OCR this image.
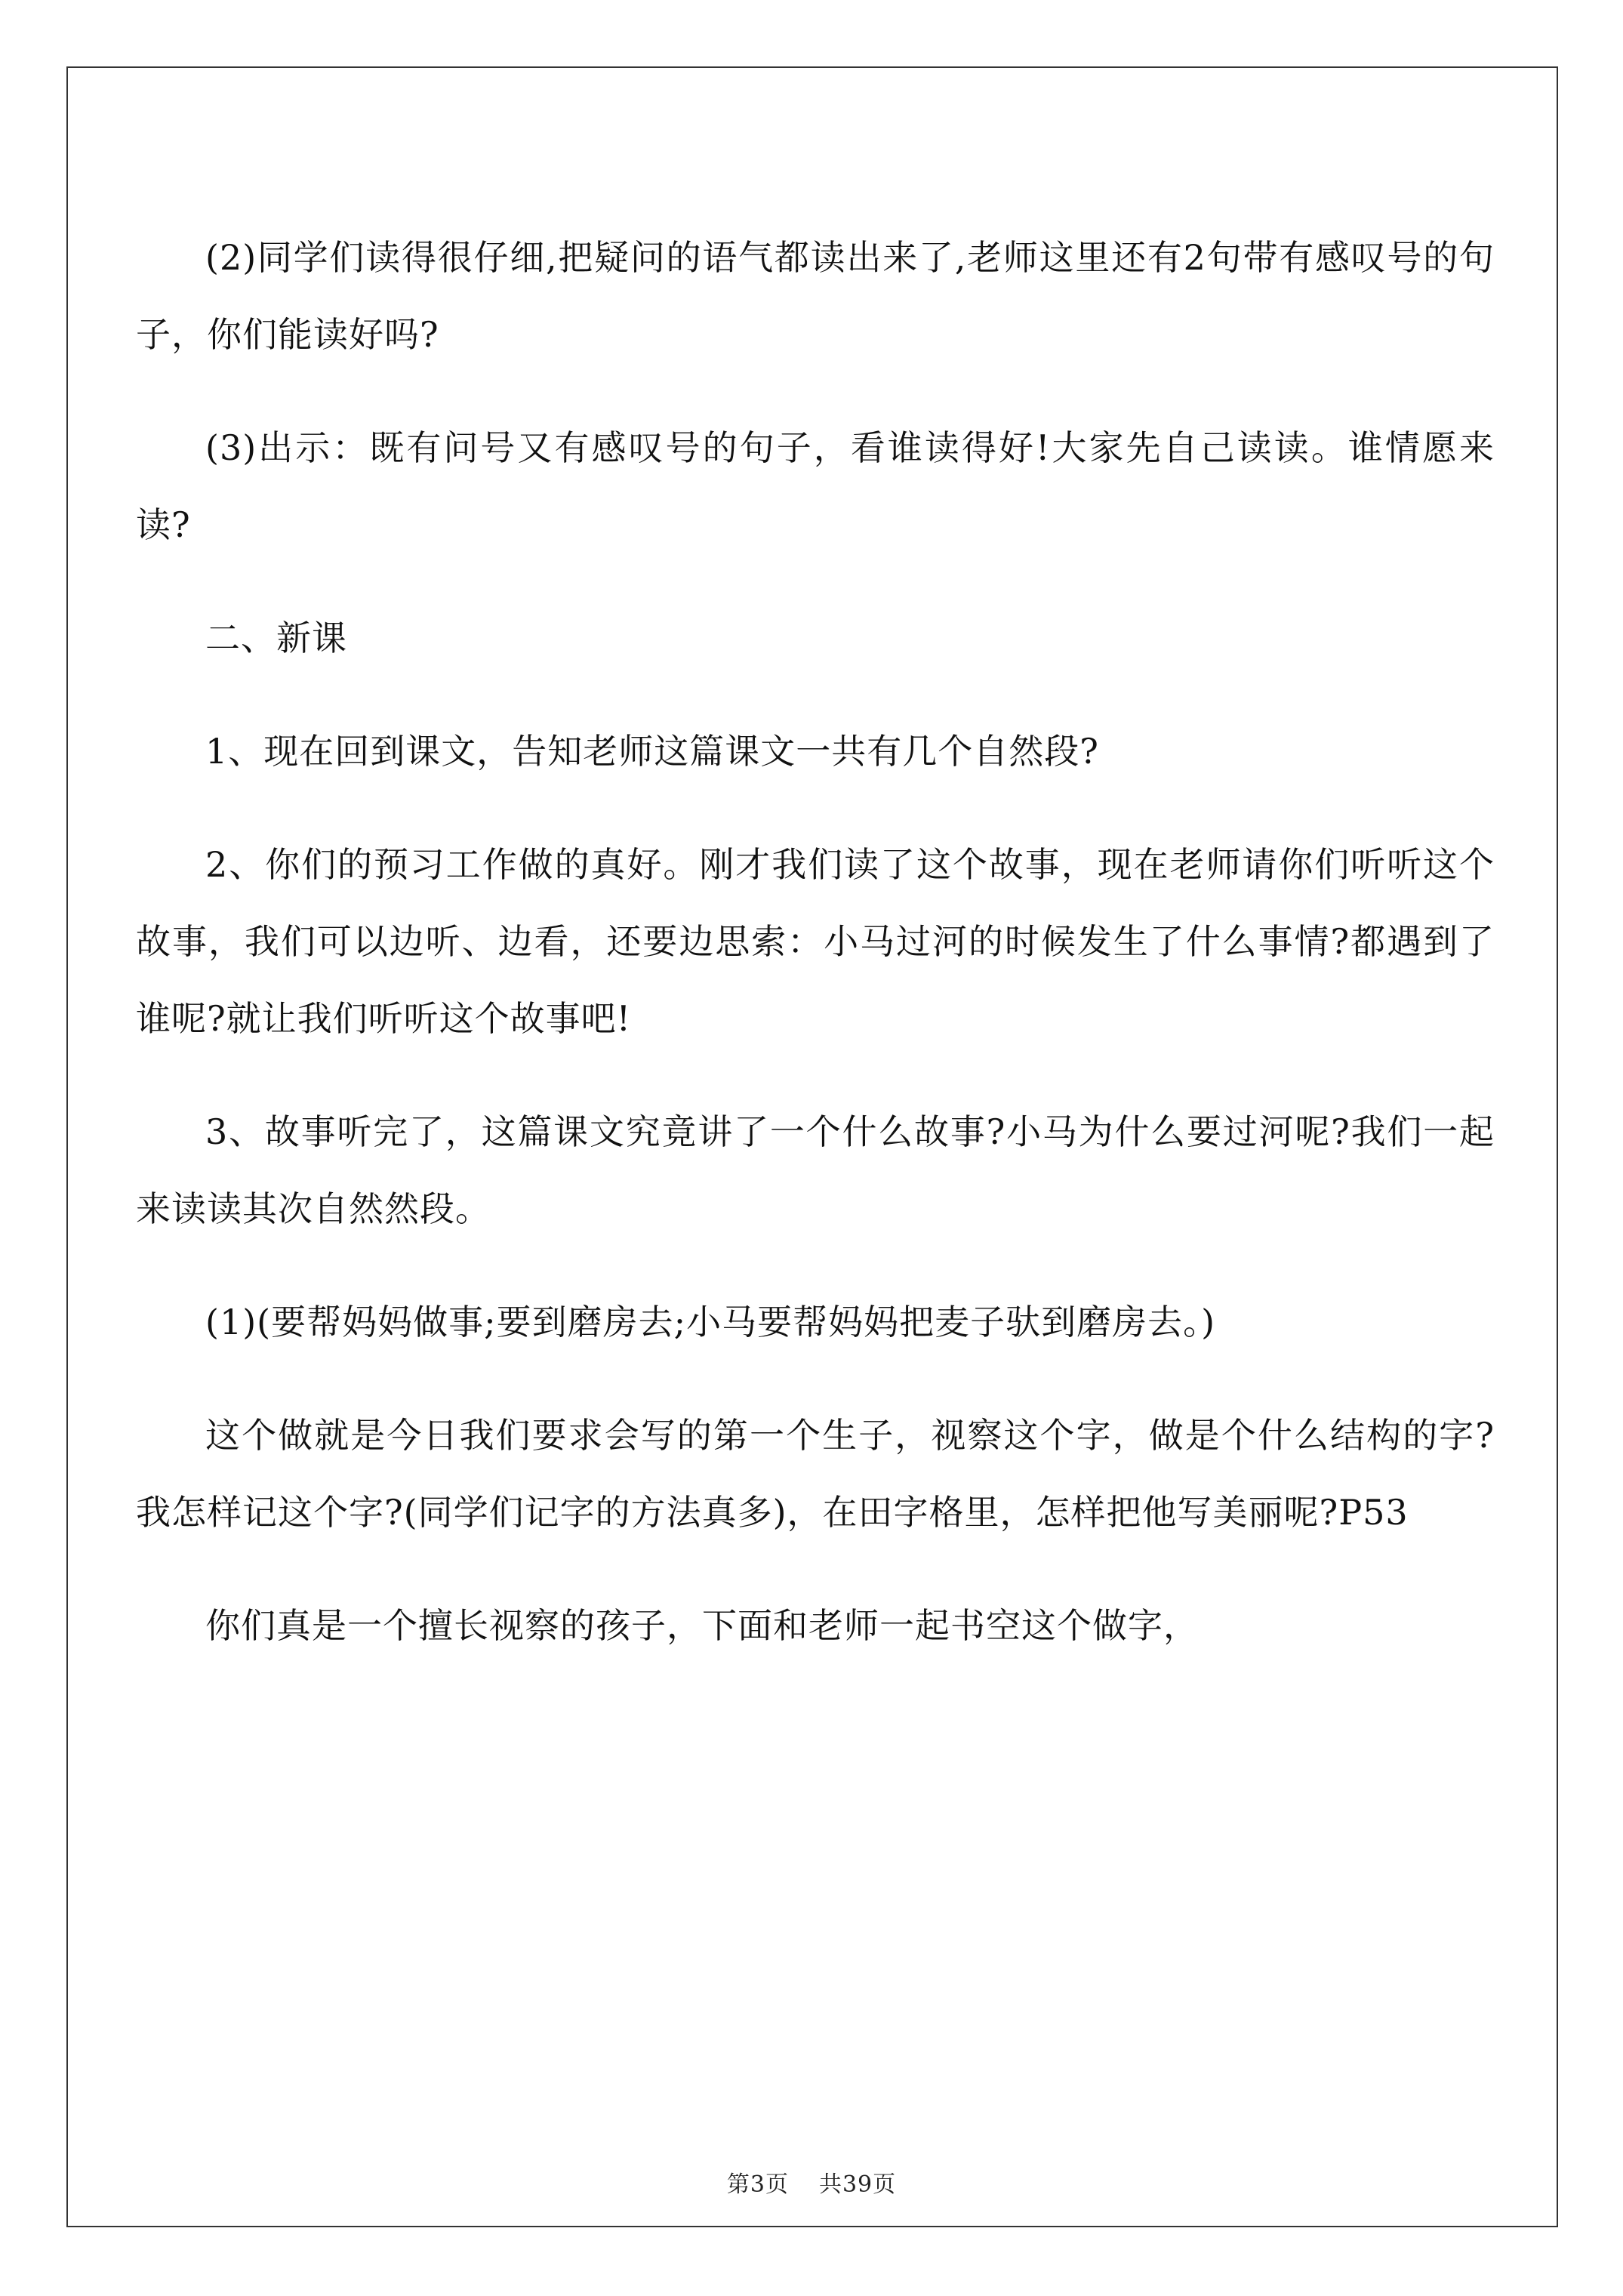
(2)同学们读得很仔细,把疑问的语气都读出来了,老师这里还有2句带有感叹号的句子，你们能读好吗?

(3)出示：既有问号又有感叹号的句子，看谁读得好!大家先自己读读。谁情愿来读?

二、新课

1、现在回到课文，告知老师这篇课文一共有几个自然段?

2、你们的预习工作做的真好。刚才我们读了这个故事，现在老师请你们听听这个故事，我们可以边听、边看，还要边思索：小马过河的时候发生了什么事情?都遇到了谁呢?就让我们听听这个故事吧!

3、故事听完了，这篇课文究竟讲了一个什么故事?小马为什么要过河呢?我们一起来读读其次自然然段。

(1)(要帮妈妈做事;要到磨房去;小马要帮妈妈把麦子驮到磨房去。)

这个做就是今日我们要求会写的第一个生子，视察这个字，做是个什么结构的字?我怎样记这个字?(同学们记字的方法真多)，在田字格里，怎样把他写美丽呢?P53

你们真是一个擅长视察的孩子，下面和老师一起书空这个做字，

第3页 共39页
